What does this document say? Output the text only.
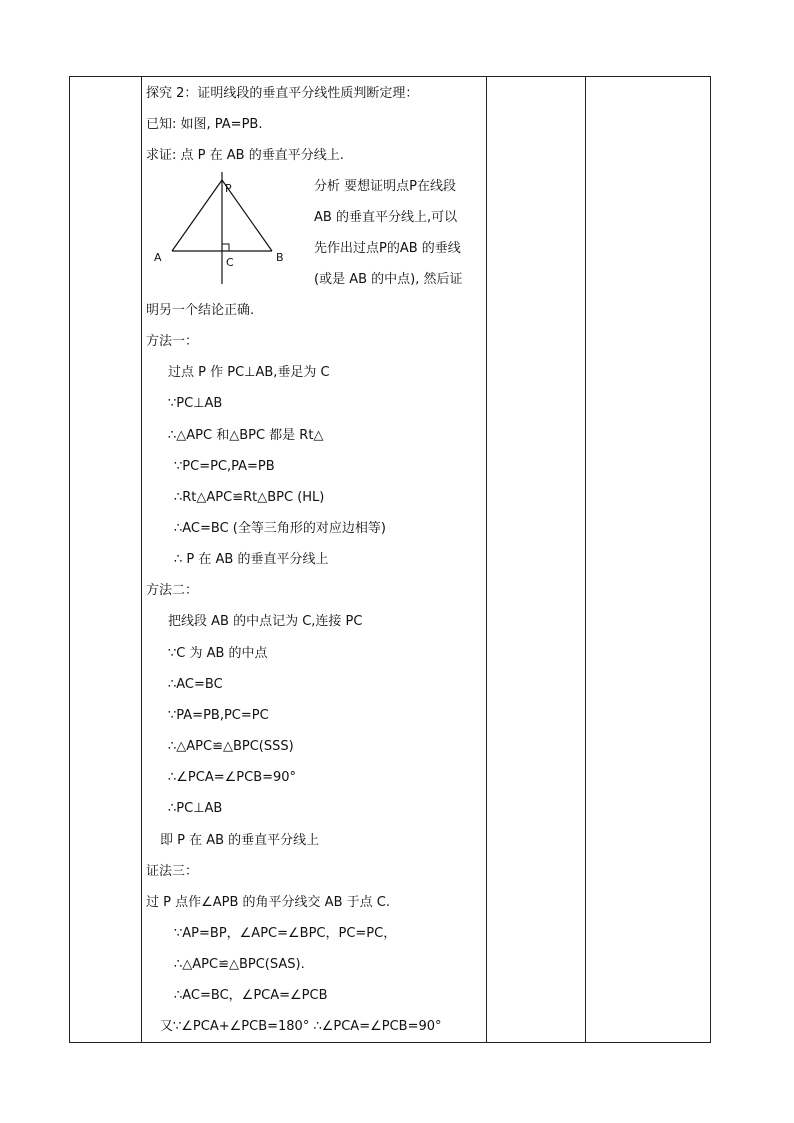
探究 2：证明线段的垂直平分线性质判断定理：
已知: 如图, PA=PB.
求证: 点 P 在 AB 的垂直平分线上.
P
A	B
C
分析 要想证明点P在线段
AB 的垂直平分线上,可以
先作出过点P的AB 的垂线
(或是 AB 的中点), 然后证
明另一个结论正确.
方法一：
过点 P 作 PC⊥AB,垂足为 C
∵PC⊥AB
∴△APC 和△BPC 都是 Rt△
∵PC=PC,PA=PB
∴Rt△APC≌Rt△BPC (HL)
∴AC=BC (全等三角形的对应边相等)
∴ P 在 AB 的垂直平分线上
方法二：
把线段 AB 的中点记为 C,连接 PC
∵C 为 AB 的中点
∴AC=BC
∵PA=PB,PC=PC
∴△APC≌△BPC(SSS)
∴∠PCA=∠PCB=90°
∴PC⊥AB
即 P 在 AB 的垂直平分线上
证法三：
过 P 点作∠APB 的角平分线交 AB 于点 C.
∵AP=BP，∠APC=∠BPC，PC=PC，
∴△APC≌△BPC(SAS).
∴AC=BC，∠PCA=∠PCB
又∵∠PCA+∠PCB=180° ∴∠PCA=∠PCB=90°
